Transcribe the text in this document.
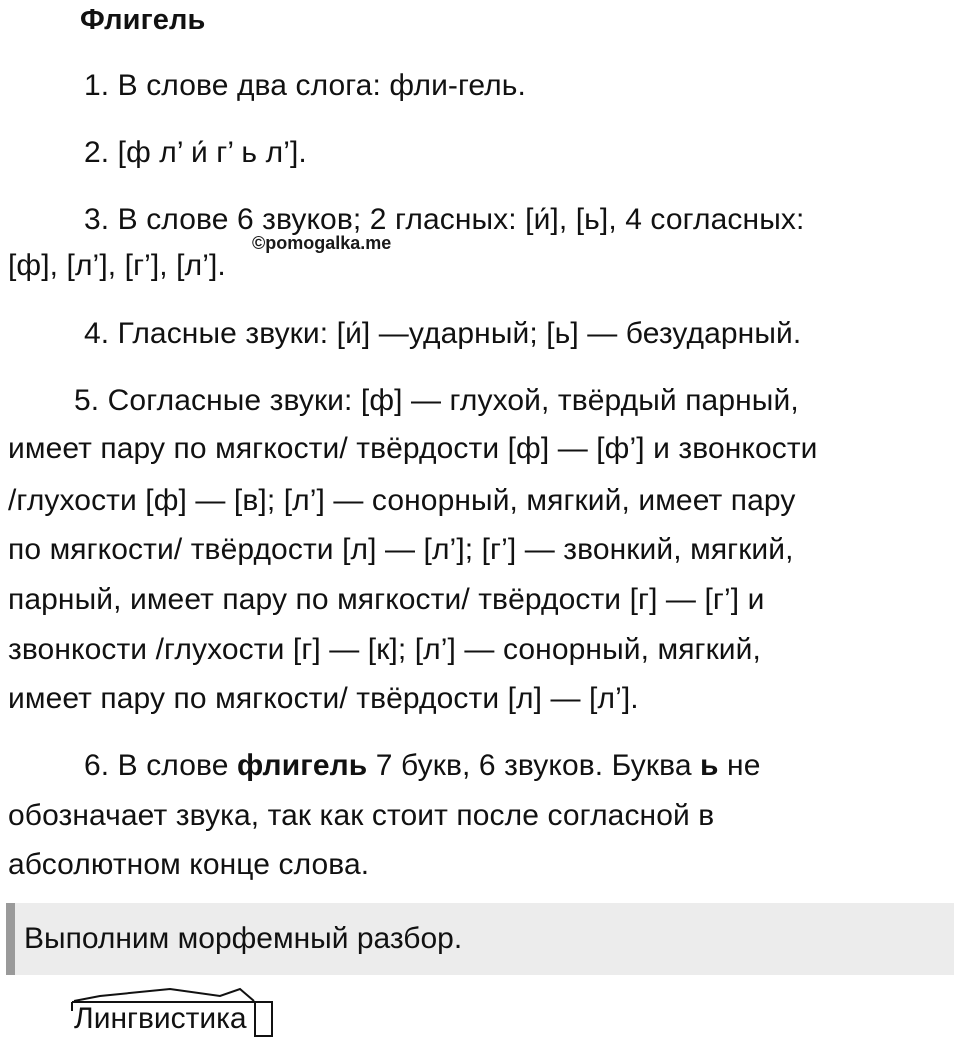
Флигель
1. В слове два слога: фли-гель.
2. [ф л’ и́ г’ ь л’].
3. В слове 6 звуков; 2 гласных: [и́], [ь], 4 согласных:
[ф], [л’], [г’], [л’].
©pomogalka.me
4. Гласные звуки: [и́] —ударный; [ь] — безударный.
5. Согласные звуки: [ф] — глухой, твёрдый парный,
имеет пару по мягкости/ твёрдости [ф] — [ф’] и звонкости
/глухости [ф] — [в]; [л’] — сонорный, мягкий, имеет пару
по мягкости/ твёрдости [л] — [л’]; [г’] — звонкий, мягкий,
парный, имеет пару по мягкости/ твёрдости [г] — [г’] и
звонкости /глухости [г] — [к]; [л’] — сонорный, мягкий,
имеет пару по мягкости/ твёрдости [л] — [л’].
6. В слове флигель 7 букв, 6 звуков. Буква ь не
обозначает звука, так как стоит после согласной в
абсолютном конце слова.
Выполним морфемный разбор.
Лингвистика
